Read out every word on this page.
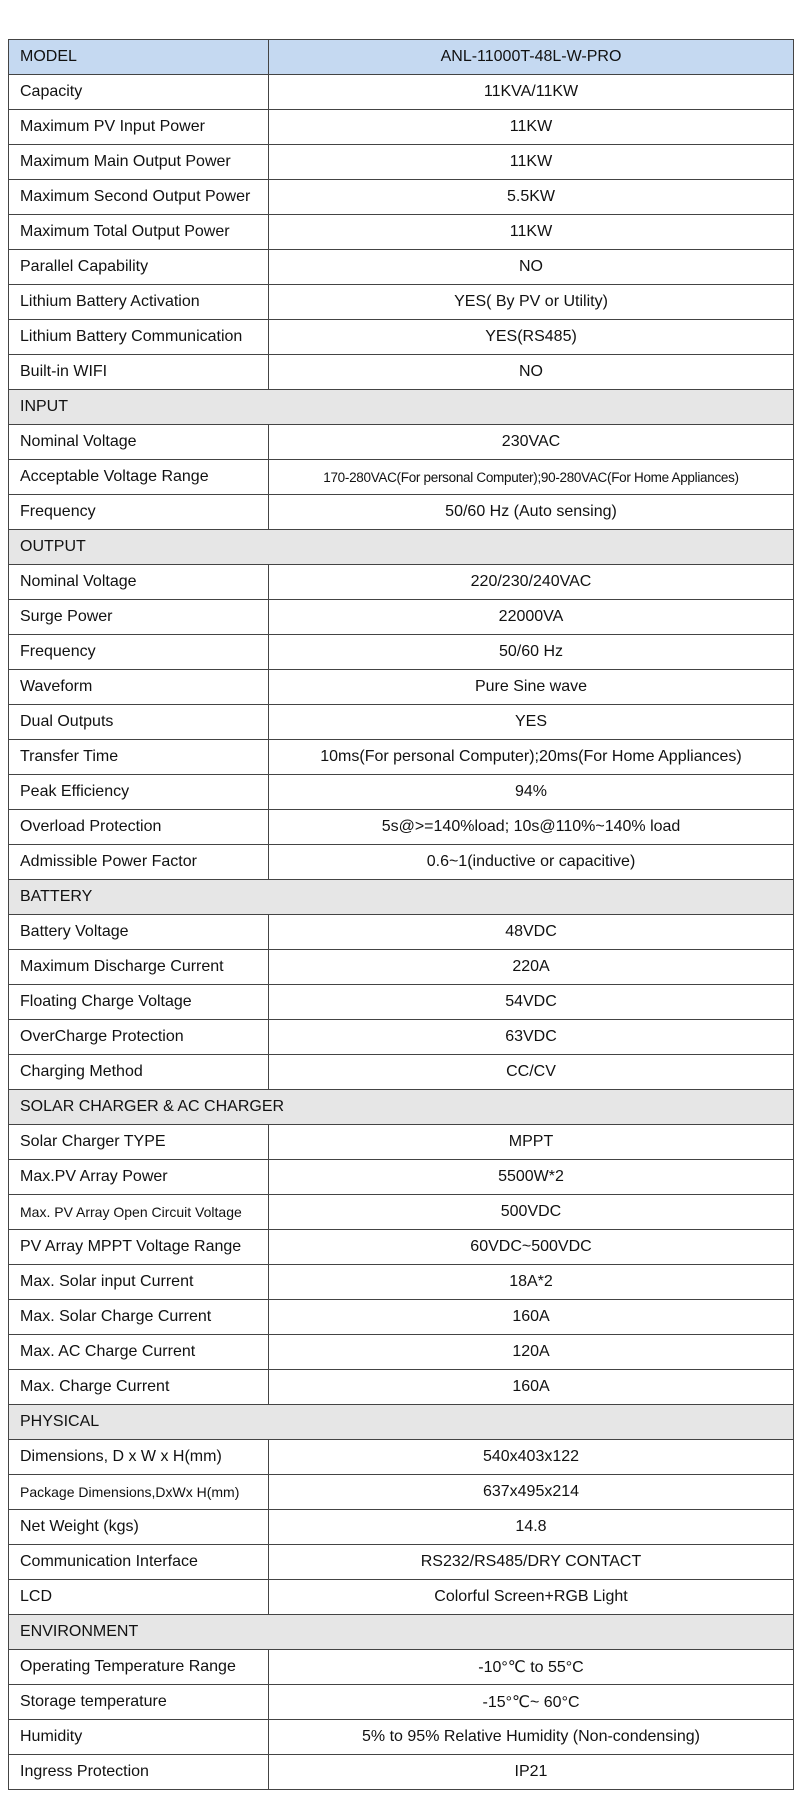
MODEL	ANL-11000T-48L-W-PRO
Capacity	11KVA/11KW
Maximum PV Input Power	11KW
Maximum Main Output Power	11KW
Maximum Second Output Power	5.5KW
Maximum Total Output Power	11KW
Parallel Capability	NO
Lithium Battery Activation	YES( By PV or Utility)
Lithium Battery Communication	YES(RS485)
Built-in WIFI	NO
INPUT	
Nominal Voltage	230VAC
Acceptable Voltage Range	170-280VAC(For personal Computer);90-280VAC(For Home Appliances)
Frequency	50/60 Hz (Auto sensing)
OUTPUT	
Nominal Voltage	220/230/240VAC
Surge Power	22000VA
Frequency	50/60 Hz
Waveform	Pure Sine wave
Dual Outputs	YES
Transfer Time	10ms(For personal Computer);20ms(For Home Appliances)
Peak Efficiency	94%
Overload Protection	5s@>=140%load; 10s@110%~140% load
Admissible Power Factor	0.6~1(inductive or capacitive)
BATTERY	
Battery Voltage	48VDC
Maximum Discharge Current	220A
Floating Charge Voltage	54VDC
OverCharge Protection	63VDC
Charging Method	CC/CV
SOLAR CHARGER & AC CHARGER	
Solar Charger TYPE	MPPT
Max.PV Array Power	5500W*2
Max. PV Array Open Circuit Voltage	500VDC
PV Array MPPT Voltage Range	60VDC~500VDC
Max. Solar input Current	18A*2
Max. Solar Charge Current	160A
Max. AC Charge Current	120A
Max. Charge Current	160A
PHYSICAL	
Dimensions, D x W x H(mm)	540x403x122
Package Dimensions,DxWx H(mm)	637x495x214
Net Weight (kgs)	14.8
Communication Interface	RS232/RS485/DRY CONTACT
LCD	Colorful Screen+RGB Light
ENVIRONMENT	
Operating Temperature Range	-10°℃ to 55°C
Storage temperature	-15°℃~ 60°C
Humidity	5% to 95% Relative Humidity (Non-condensing)
Ingress Protection	IP21
